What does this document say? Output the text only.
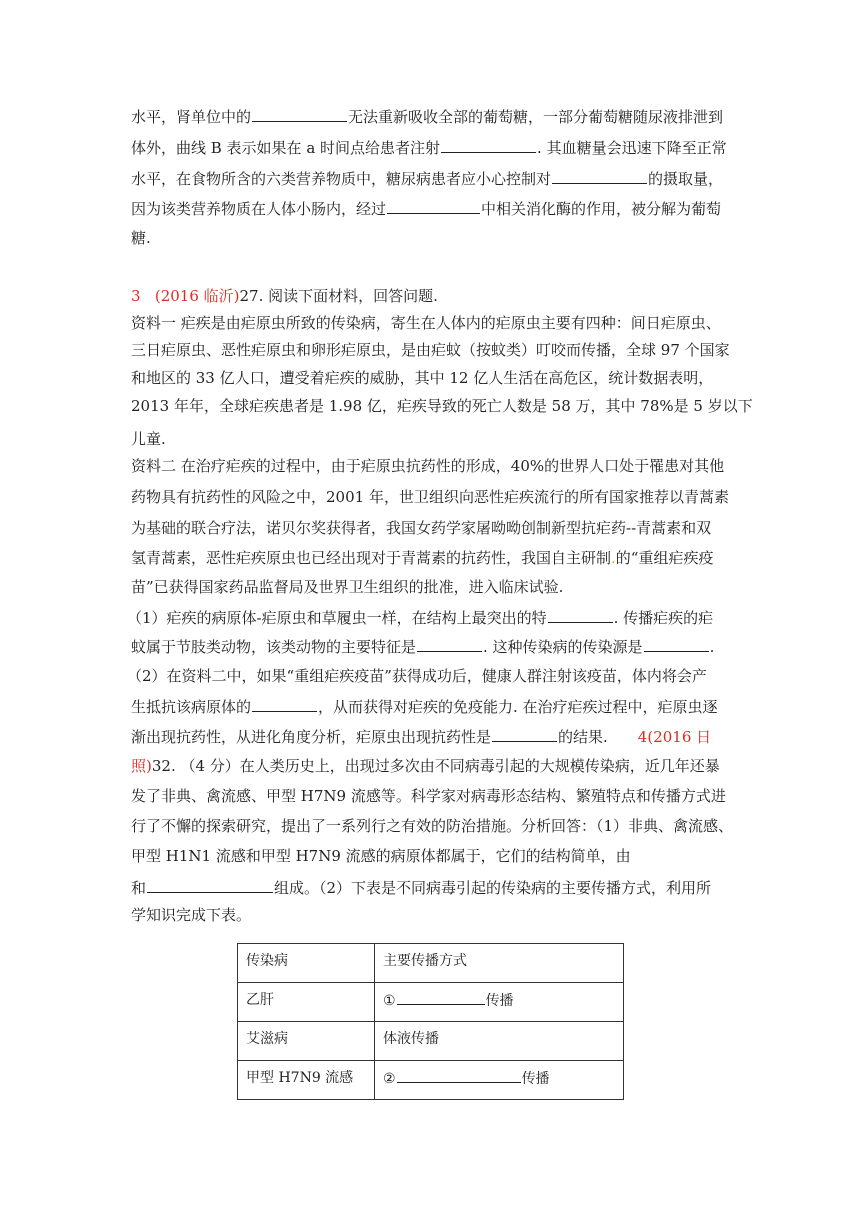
水平，肾单位中的	无法重新吸收全部的葡萄糖，一部分葡萄糖随尿液排泄到
体外，曲线 B 表示如果在 a 时间点给患者注射	. 其血糖量会迅速下降至正常
水平，在食物所含的六类营养物质中，糖尿病患者应小心控制对	的摄取量，
因为该类营养物质在人体小肠内，经过	中相关消化酶的作用，被分解为葡萄
糖.
3 (2016 临沂)27. 阅读下面材料，回答问题.
资料一 疟疾是由疟原虫所致的传染病，寄生在人体内的疟原虫主要有四种：间日疟原虫、
三日疟原虫、恶性疟原虫和卵形疟原虫，是由疟蚊（按蚊类）叮咬而传播，全球 97 个国家
和地区的 33 亿人口，遭受着疟疾的威胁，其中 12 亿人生活在高危区，统计数据表明，
2013 年年，全球疟疾患者是 1.98 亿，疟疾导致的死亡人数是 58 万，其中 78%是 5 岁以下
儿童.
资料二 在治疗疟疾的过程中，由于疟原虫抗药性的形成，40%的世界人口处于罹患对其他
药物具有抗药性的风险之中，2001 年，世卫组织向恶性疟疾流行的所有国家推荐以青蒿素
为基础的联合疗法，诺贝尔奖获得者，我国女药学家屠呦呦创制新型抗疟药--青蒿素和双
氢青蒿素，恶性疟疾原虫也已经出现对于青蒿素的抗药性，我国自主研制.的“重组疟疾疫
苗”已获得国家药品监督局及世界卫生组织的批准，进入临床试验.
（1）疟疾的病原体-疟原虫和草履虫一样，在结构上最突出的特	. 传播疟疾的疟
蚊属于节肢类动物，该类动物的主要特征是	. 这种传染病的传染源是	.
（2）在资料二中，如果“重组疟疾疫苗”获得成功后，健康人群注射该疫苗，体内将会产
生抵抗该病原体的	，从而获得对疟疾的免疫能力. 在治疗疟疾过程中，疟原虫逐
渐出现抗药性，从进化角度分析，疟原虫出现抗药性是	的结果. 4(2016 日
照)32. （4 分）在人类历史上，出现过多次由不同病毒引起的大规模传染病，近几年还暴
发了非典、禽流感、甲型 H7N9 流感等。科学家对病毒形态结构、繁殖特点和传播方式进
行了不懈的探索研究，提出了一系列行之有效的防治措施。分析回答：（1）非典、禽流感、
甲型 H1N1 流感和甲型 H7N9 流感的病原体都属于，它们的结构简单，由
和	组成。（2）下表是不同病毒引起的传染病的主要传播方式，利用所
学知识完成下表。
传染病	主要传播方式
乙肝	① 传播
艾滋病	体液传播
甲型 H7N9 流感	② 传播
